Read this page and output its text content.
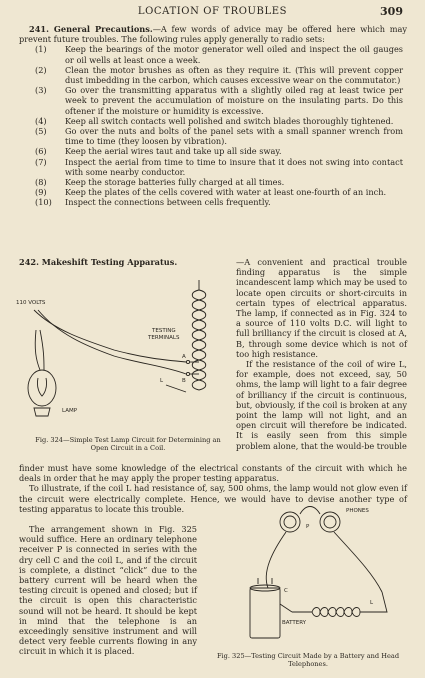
LOCATION OF TROUBLES	309

241. General Precautions.—A few words of advice may be offered here which may prevent future troubles. The following rules apply generally to radio sets:

(1) Keep the bearings of the motor generator well oiled and inspect the oil gauges or oil wells at least once a week.
(2) Clean the motor brushes as often as they require it. (This will prevent copper dust imbedding in the carbon, which causes excessive wear on the commutator.)
(3) Go over the transmitting apparatus with a slightly oiled rag at least twice per week to prevent the accumulation of moisture on the insulating parts. Do this oftener if the moisture or humidity is excessive.
(4) Keep all switch contacts well polished and switch blades thoroughly tightened.
(5) Go over the nuts and bolts of the panel sets with a small spanner wrench from time to time (they loosen by vibration).
(6) Keep the aerial wires taut and take up all side sway.
(7) Inspect the aerial from time to time to insure that it does not swing into contact with some nearby conductor.
(8) Keep the storage batteries fully charged at all times.
(9) Keep the plates of the cells covered with water at least one-fourth of an inch.
(10) Inspect the connections between cells frequently.
242. Makeshift Testing Apparatus.	—A convenient and practical trouble finding apparatus is the simple incandescent lamp which may be used to locate open circuits or short-circuits in certain types of electrical apparatus. The lamp, if connected as in Fig. 324 to a source of 110 volts D.C. will light to full brilliancy if the circuit is closed at A, B, through some device which is not of too high resistance.

If the resistance of the coil of wire L, for example, does not exceed, say, 50 ohms, the lamp will light to a fair degree of brilliancy if the circuit is continuous, but, obviously, if the coil is broken at any point the lamp will not light, and an open circuit will therefore be indicated. It is easily seen from this simple problem alone, that the would-be trouble

110 VOLTS
TESTING
TERMINALS
A
B
L
LAMP
Fig. 324—Simple Test Lamp Circuit for Determining an Open Circuit in a Coil.

finder must have some knowledge of the electrical constants of the circuit with which he deals in order that he may apply the proper testing apparatus.

To illustrate, if the coil L had resistance of, say, 500 ohms, the lamp would not glow even if the circuit were electrically complete. Hence, we would have to devise another type of testing apparatus to locate this trouble.

The arrangement shown in Fig. 325 would suffice. Here an ordinary telephone receiver P is connected in series with the dry cell C and the coil L, and if the circuit is complete, a distinct “click” due to the battery current will be heard when the testing circuit is opened and closed; but if the circuit is open this characteristic sound will not be heard. It should be kept in mind that the telephone is an exceedingly sensitive instrument and will detect very feeble currents flowing in any circuit in which it is placed.

PHONES
P
C
BATTERY
L
Fig. 325—Testing Circuit Made by a Battery and Head Telephones.
